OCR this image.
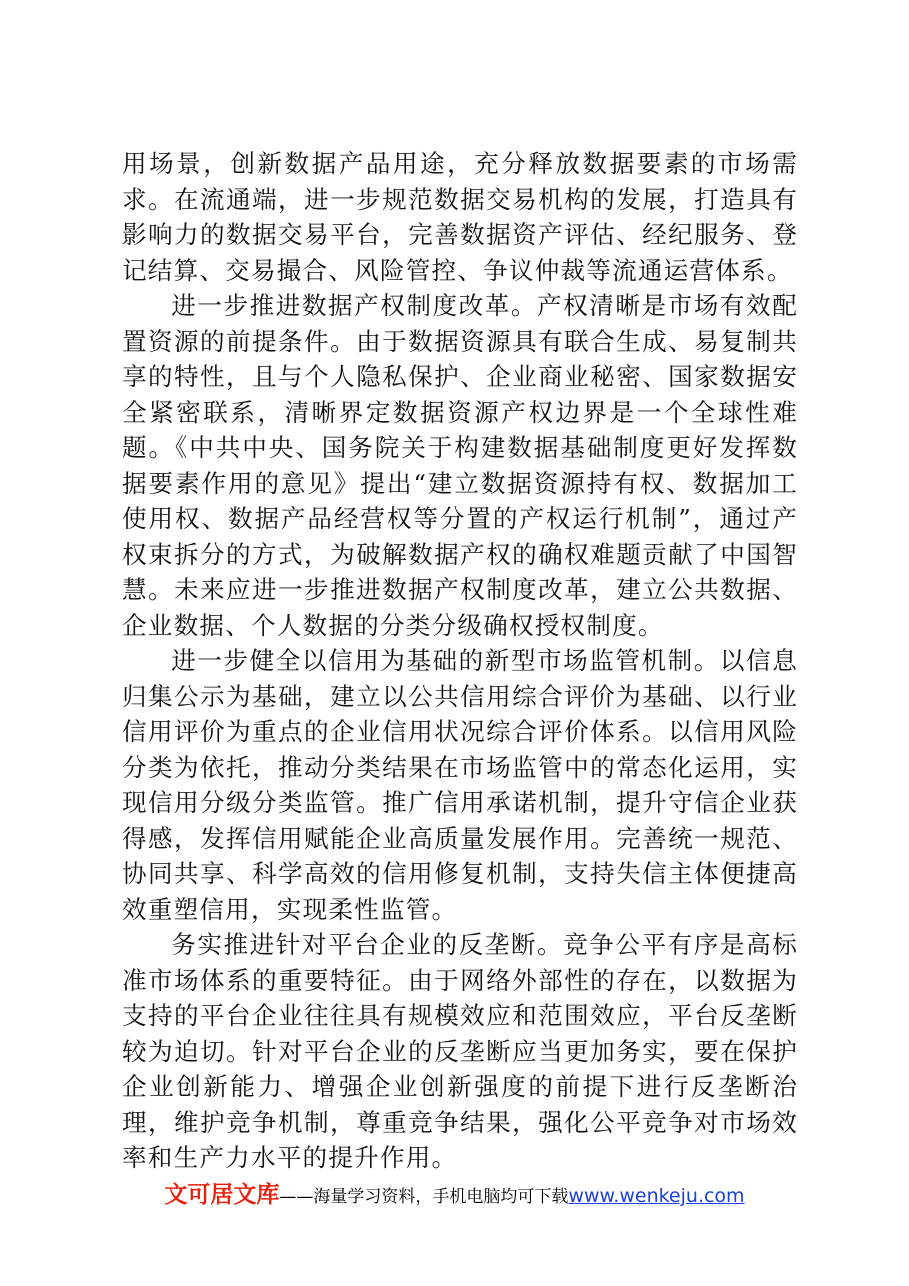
用场景，创新数据产品用途，充分释放数据要素的市场需求。在流通端，进一步规范数据交易机构的发展，打造具有影响力的数据交易平台，完善数据资产评估、经纪服务、登记结算、交易撮合、风险管控、争议仲裁等流通运营体系。

进一步推进数据产权制度改革。产权清晰是市场有效配置资源的前提条件。由于数据资源具有联合生成、易复制共享的特性，且与个人隐私保护、企业商业秘密、国家数据安全紧密联系，清晰界定数据资源产权边界是一个全球性难题。《中共中央、国务院关于构建数据基础制度更好发挥数据要素作用的意见》提出“建立数据资源持有权、数据加工使用权、数据产品经营权等分置的产权运行机制”，通过产权束拆分的方式，为破解数据产权的确权难题贡献了中国智慧。未来应进一步推进数据产权制度改革，建立公共数据、企业数据、个人数据的分类分级确权授权制度。

进一步健全以信用为基础的新型市场监管机制。以信息归集公示为基础，建立以公共信用综合评价为基础、以行业信用评价为重点的企业信用状况综合评价体系。以信用风险分类为依托，推动分类结果在市场监管中的常态化运用，实现信用分级分类监管。推广信用承诺机制，提升守信企业获得感，发挥信用赋能企业高质量发展作用。完善统一规范、协同共享、科学高效的信用修复机制，支持失信主体便捷高效重塑信用，实现柔性监管。

务实推进针对平台企业的反垄断。竞争公平有序是高标准市场体系的重要特征。由于网络外部性的存在，以数据为支持的平台企业往往具有规模效应和范围效应，平台反垄断较为迫切。针对平台企业的反垄断应当更加务实，要在保护企业创新能力、增强企业创新强度的前提下进行反垄断治理，维护竞争机制，尊重竞争结果，强化公平竞争对市场效率和生产力水平的提升作用。

文可居文库——海量学习资料，手机电脑均可下载www.wenkeju.com
